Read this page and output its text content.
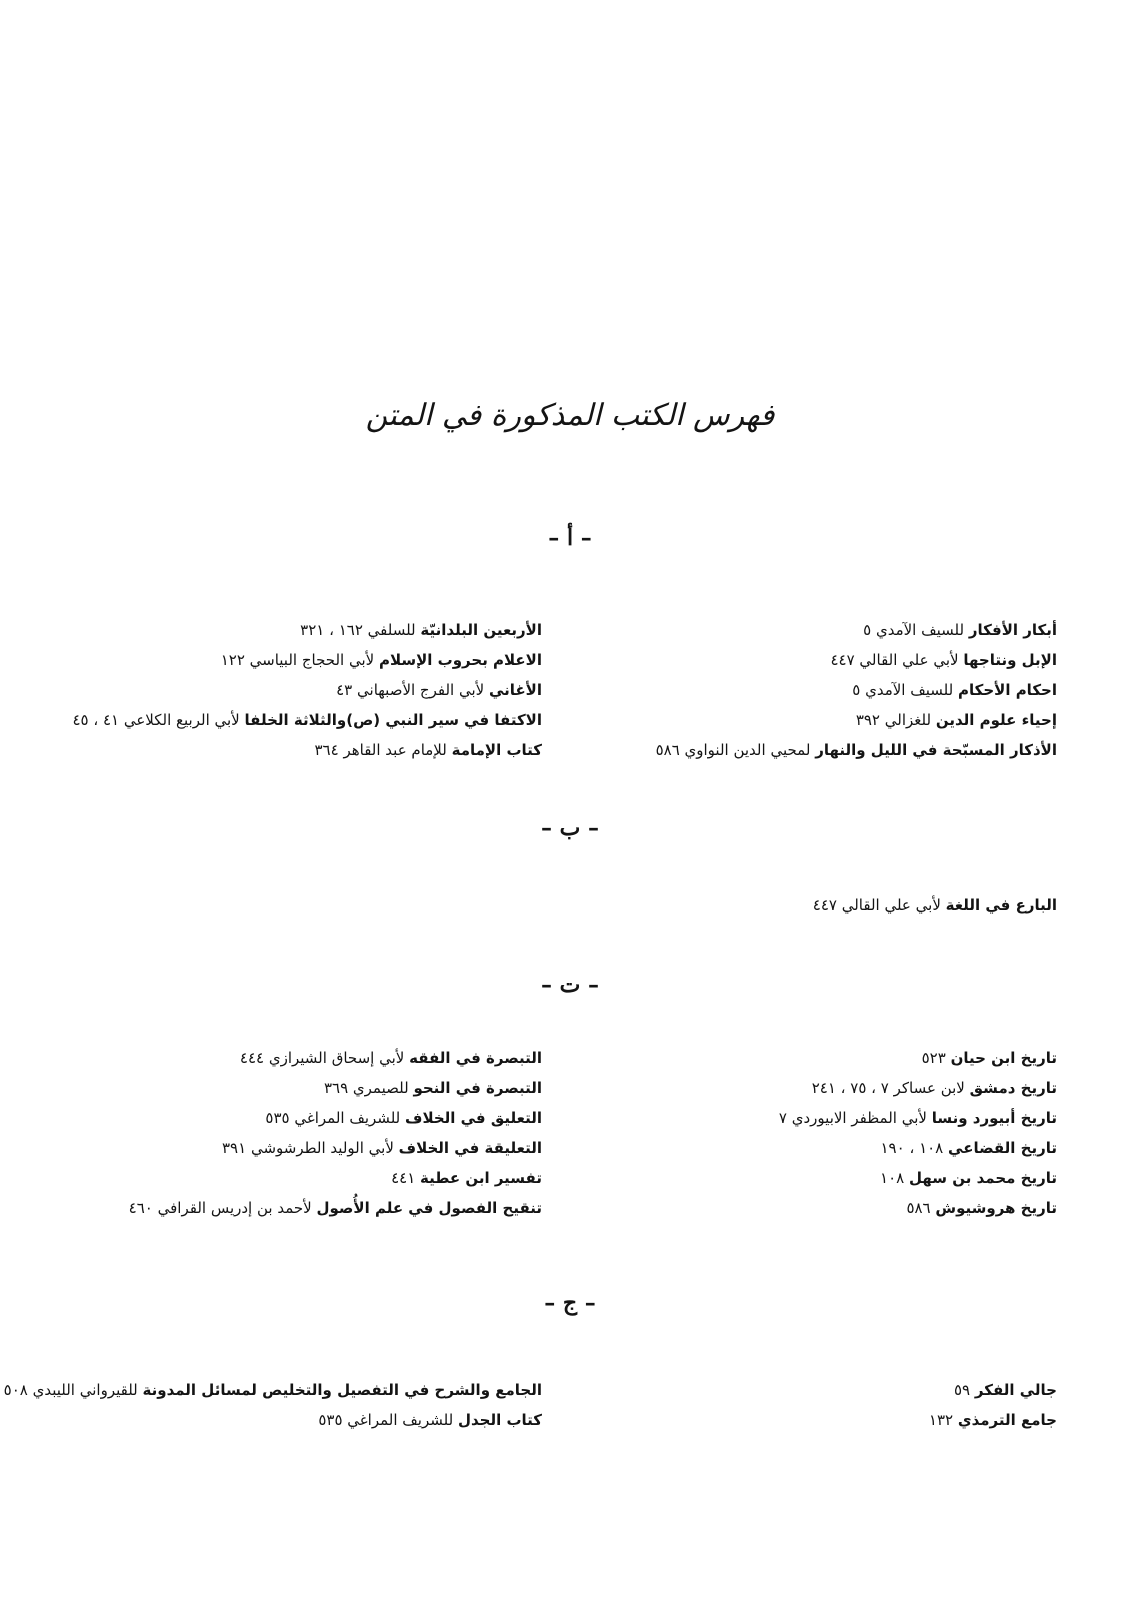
فهرس الكتب المذكورة في المتن
– أ –
أبكار الأفكار للسيف الآمدي ٥
الإبل ونتاجها لأبي علي القالي ٤٤٧
احكام الأحكام للسيف الآمدي ٥
إحياء علوم الدين للغزالي ٣٩٢
الأذكار المسبّحة في الليل والنهار لمحيي الدين النواوي ٥٨٦
الأربعين البلدانيّة للسلفي ١٦٢ ، ٣٢١
الاعلام بحروب الإسلام لأبي الحجاج البياسي ١٢٢
الأغاني لأبي الفرج الأصبهاني ٤٣
الاكتفا في سير النبي (ص)والثلاثة الخلفا لأبي الربيع الكلاعي ٤١ ، ٤٥
كتاب الإمامة للإمام عبد القاهر ٣٦٤
– ب –
البارع في اللغة لأبي علي القالي ٤٤٧
– ت –
تاريخ ابن حيان ٥٢٣
تاريخ دمشق لابن عساكر ٧ ، ٧٥ ، ٢٤١
تاريخ أبيورد ونسا لأبي المظفر الابيوردي ٧
تاريخ القضاعي ١٠٨ ، ١٩٠
تاريخ محمد بن سهل ١٠٨
تاريخ هروشيوش ٥٨٦
التبصرة في الفقه لأبي إسحاق الشيرازي ٤٤٤
التبصرة في النحو للصيمري ٣٦٩
التعليق في الخلاف للشريف المراغي ٥٣٥
التعليقة في الخلاف لأبي الوليد الطرشوشي ٣٩١
تفسير ابن عطية ٤٤١
تنقيح الفصول في علم الأُصول لأحمد بن إدريس القرافي ٤٦٠
– ج –
جالي الفكر ٥٩
جامع الترمذي ١٣٢
الجامع والشرح في التفصيل والتخليص لمسائل المدونة للقيرواني الليبدي ٥٠٨
كتاب الجدل للشريف المراغي ٥٣٥
